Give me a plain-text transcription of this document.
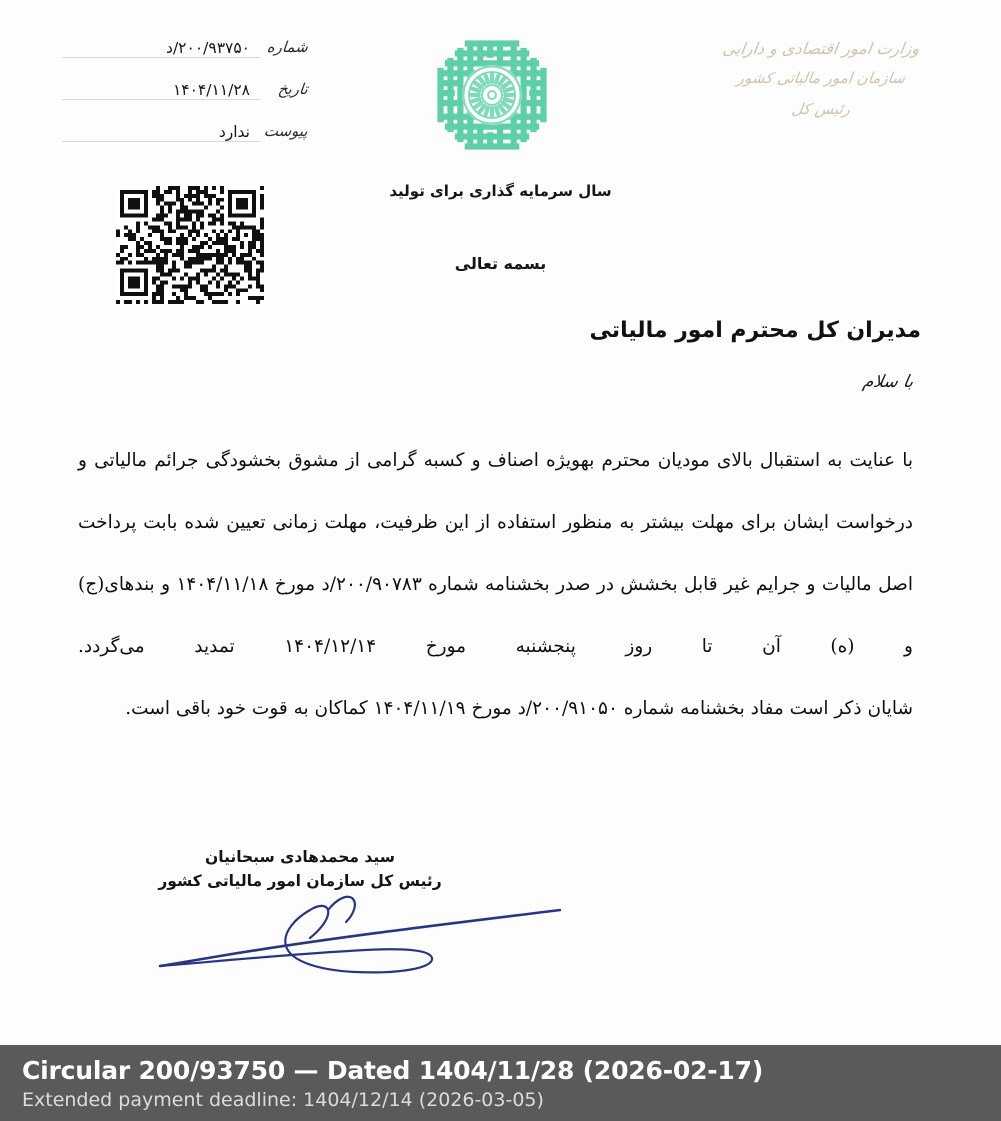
شماره
۲۰۰/۹۳۷۵۰/د
تاریخ
۱۴۰۴/۱۱/۲۸
پیوست
ندارد
وزارت امور اقتصادی و دارایی
سازمان امور مالیاتی کشور
رئیس کل
سال سرمایه گذاری برای تولید
بسمه تعالی
مدیران کل محترم امور مالیاتی
با سلام

با عنایت به استقبال بالای مودیان محترم بهویژه اصناف و کسبه گرامی از مشوق بخشودگی جرائم مالیاتی و درخواست ایشان برای مهلت بیشتر به منظور استفاده از این ظرفیت، مهلت زمانی تعیین شده بابت پرداخت اصل مالیات و جرایم غیر قابل بخشش در صدر بخشنامه شماره ۲۰۰/۹۰۷۸۳/د مورخ ۱۴۰۴/۱۱/۱۸ و بندهای(ج) و (ه) آن تا روز پنجشنبه مورخ ۱۴۰۴/۱۲/۱۴ تمدید می‌گردد.

شایان ذکر است مفاد بخشنامه شماره ۲۰۰/۹۱۰۵۰/د مورخ ۱۴۰۴/۱۱/۱۹ کماکان به قوت خود باقی است.

سید محمدهادی سبحانیان
رئیس کل سازمان امور مالیاتی کشور
Circular 200/93750 — Dated 1404/11/28 (2026-02-17)
Extended payment deadline: 1404/12/14 (2026-03-05)
